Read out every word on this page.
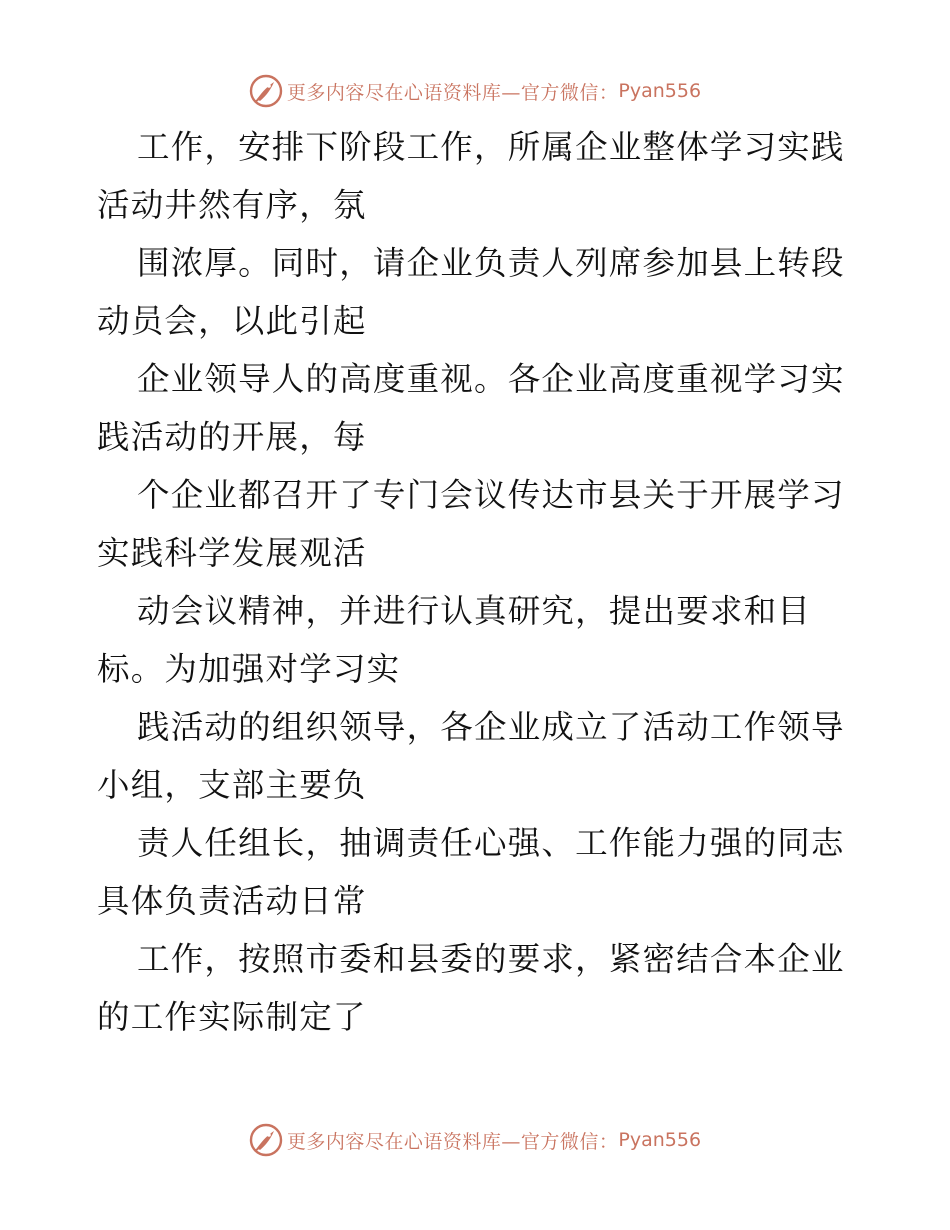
更多内容尽在心语资料库—官方微信： Pyan556
工作，安排下阶段工作，所属企业整体学习实践
活动井然有序，氛
围浓厚。同时，请企业负责人列席参加县上转段
动员会，以此引起
企业领导人的高度重视。各企业高度重视学习实
践活动的开展，每
个企业都召开了专门会议传达市县关于开展学习
实践科学发展观活
动会议精神，并进行认真研究，提出要求和目
标。为加强对学习实
践活动的组织领导，各企业成立了活动工作领导
小组，支部主要负
责人任组长，抽调责任心强、工作能力强的同志
具体负责活动日常
工作，按照市委和县委的要求，紧密结合本企业
的工作实际制定了
更多内容尽在心语资料库—官方微信： Pyan556
